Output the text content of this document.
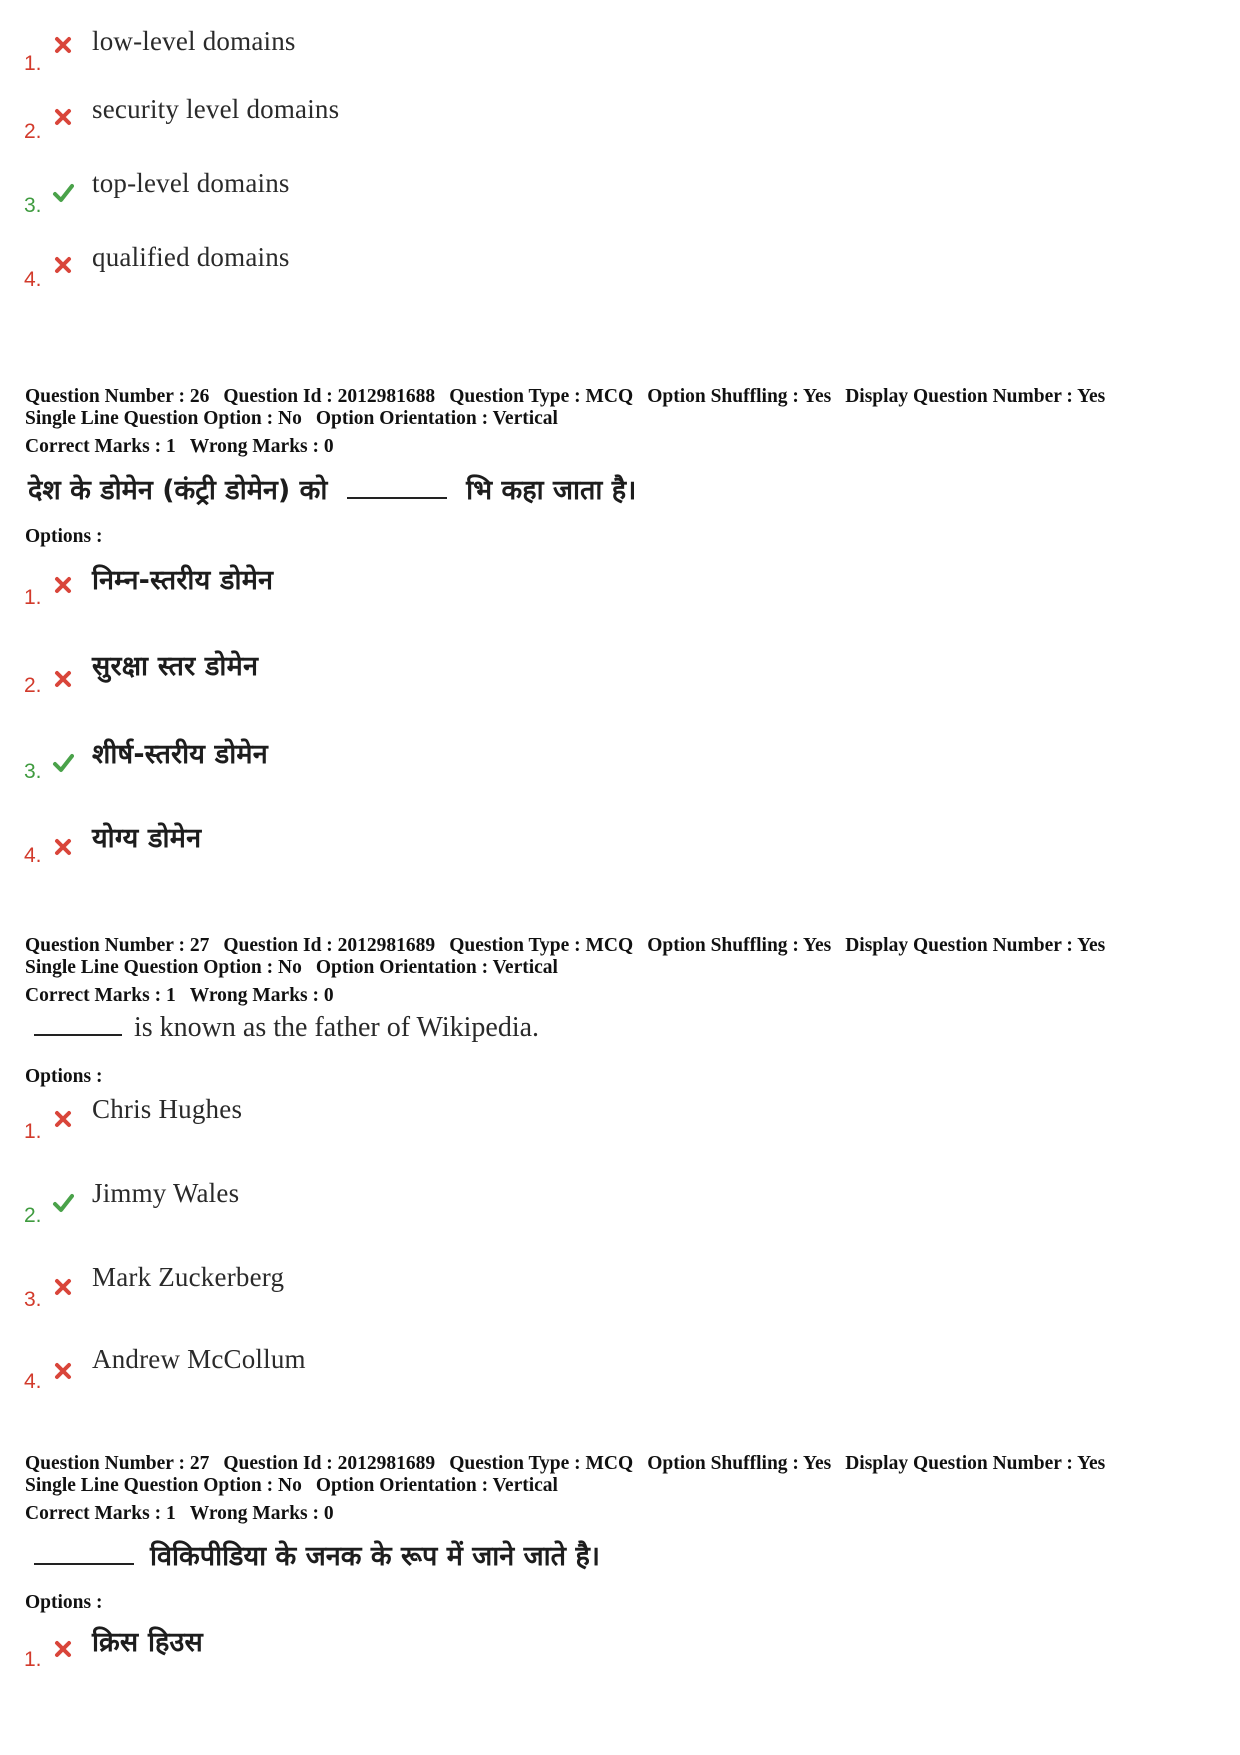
1.
low-level domains
2.
security level domains
3.
top-level domains
4.
qualified domains
Question Number : 26 Question Id : 2012981688 Question Type : MCQ Option Shuffling : Yes Display Question Number : Yes
Single Line Question Option : No Option Orientation : Vertical
Correct Marks : 1 Wrong Marks : 0
देश के डोमेन (कंट्री डोमेन) को	भि कहा जाता है।
Options :
1.
निम्न-स्तरीय डोमेन
2.
सुरक्षा स्तर डोमेन
3.
शीर्ष-स्तरीय डोमेन
4.
योग्य डोमेन
Question Number : 27 Question Id : 2012981689 Question Type : MCQ Option Shuffling : Yes Display Question Number : Yes
Single Line Question Option : No Option Orientation : Vertical
Correct Marks : 1 Wrong Marks : 0
is known as the father of Wikipedia.
Options :
1.
Chris Hughes
2.
Jimmy Wales
3.
Mark Zuckerberg
4.
Andrew McCollum
Question Number : 27 Question Id : 2012981689 Question Type : MCQ Option Shuffling : Yes Display Question Number : Yes
Single Line Question Option : No Option Orientation : Vertical
Correct Marks : 1 Wrong Marks : 0
विकिपीडिया के जनक के रूप में जाने जाते है।
Options :
1.
क्रिस हिउस
